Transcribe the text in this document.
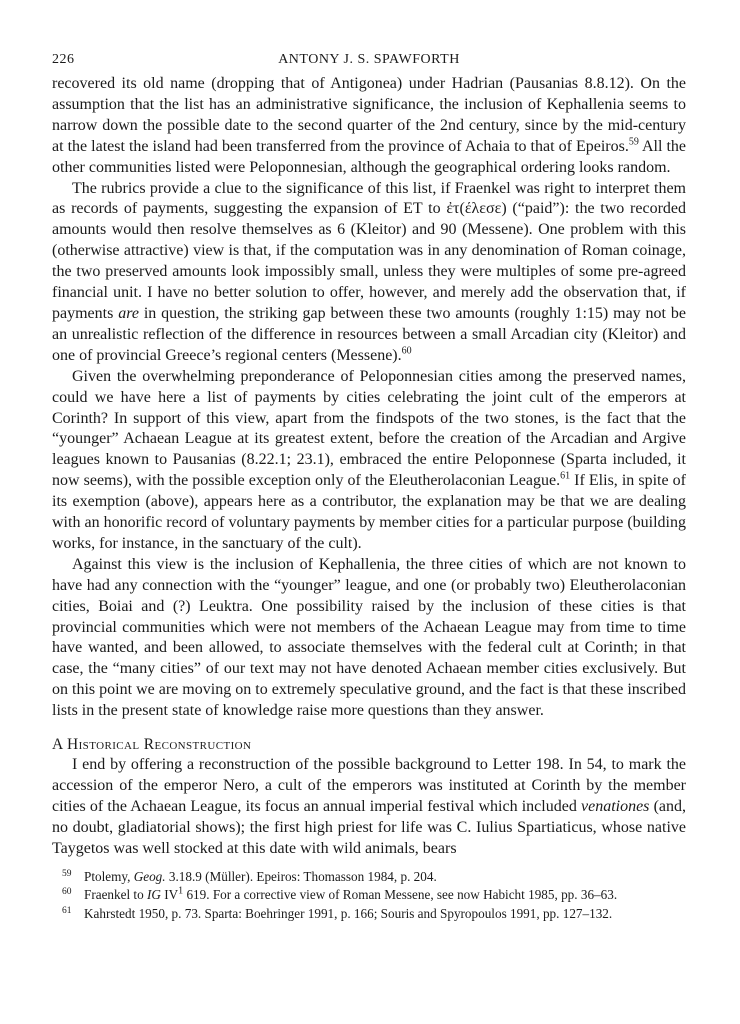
226	ANTONY J. S. SPAWFORTH

recovered its old name (dropping that of Antigonea) under Hadrian (Pausanias 8.8.12). On the assumption that the list has an administrative significance, the inclusion of Kephallenia seems to narrow down the possible date to the second quarter of the 2nd century, since by the mid-century at the latest the island had been transferred from the province of Achaia to that of Epeiros.$^{59}$ All the other communities listed were Peloponnesian, although the geographical ordering looks random.

The rubrics provide a clue to the significance of this list, if Fraenkel was right to interpret them as records of payments, suggesting the expansion of ET to ἐτ(έλεσε) (“paid”): the two recorded amounts would then resolve themselves as 6 (Kleitor) and 90 (Messene). One problem with this (otherwise attractive) view is that, if the computation was in any denomination of Roman coinage, the two preserved amounts look impossibly small, unless they were multiples of some pre-agreed financial unit. I have no better solution to offer, however, and merely add the observation that, if payments are in question, the striking gap between these two amounts (roughly 1:15) may not be an unrealistic reflection of the difference in resources between a small Arcadian city (Kleitor) and one of provincial Greece’s regional centers (Messene).$^{60}$

Given the overwhelming preponderance of Peloponnesian cities among the preserved names, could we have here a list of payments by cities celebrating the joint cult of the emperors at Corinth? In support of this view, apart from the findspots of the two stones, is the fact that the “younger” Achaean League at its greatest extent, before the creation of the Arcadian and Argive leagues known to Pausanias (8.22.1; 23.1), embraced the entire Peloponnese (Sparta included, it now seems), with the possible exception only of the Eleutherolaconian League.$^{61}$ If Elis, in spite of its exemption (above), appears here as a contributor, the explanation may be that we are dealing with an honorific record of voluntary payments by member cities for a particular purpose (building works, for instance, in the sanctuary of the cult).

Against this view is the inclusion of Kephallenia, the three cities of which are not known to have had any connection with the “younger” league, and one (or probably two) Eleutherolaconian cities, Boiai and (?) Leuktra. One possibility raised by the inclusion of these cities is that provincial communities which were not members of the Achaean League may from time to time have wanted, and been allowed, to associate themselves with the federal cult at Corinth; in that case, the “many cities” of our text may not have denoted Achaean member cities exclusively. But on this point we are moving on to extremely speculative ground, and the fact is that these inscribed lists in the present state of knowledge raise more questions than they answer.

A Historical Reconstruction

I end by offering a reconstruction of the possible background to Letter 198. In 54, to mark the accession of the emperor Nero, a cult of the emperors was instituted at Corinth by the member cities of the Achaean League, its focus an annual imperial festival which included venationes (and, no doubt, gladiatorial shows); the first high priest for life was C. Iulius Spartiaticus, whose native Taygetos was well stocked at this date with wild animals, bears

59 Ptolemy, Geog. 3.18.9 (Müller). Epeiros: Thomasson 1984, p. 204.
60 Fraenkel to IG $IV^1$ 619. For a corrective view of Roman Messene, see now Habicht 1985, pp. 36–63.
61 Kahrstedt 1950, p. 73. Sparta: Boehringer 1991, p. 166; Souris and Spyropoulos 1991, pp. 127–132.
